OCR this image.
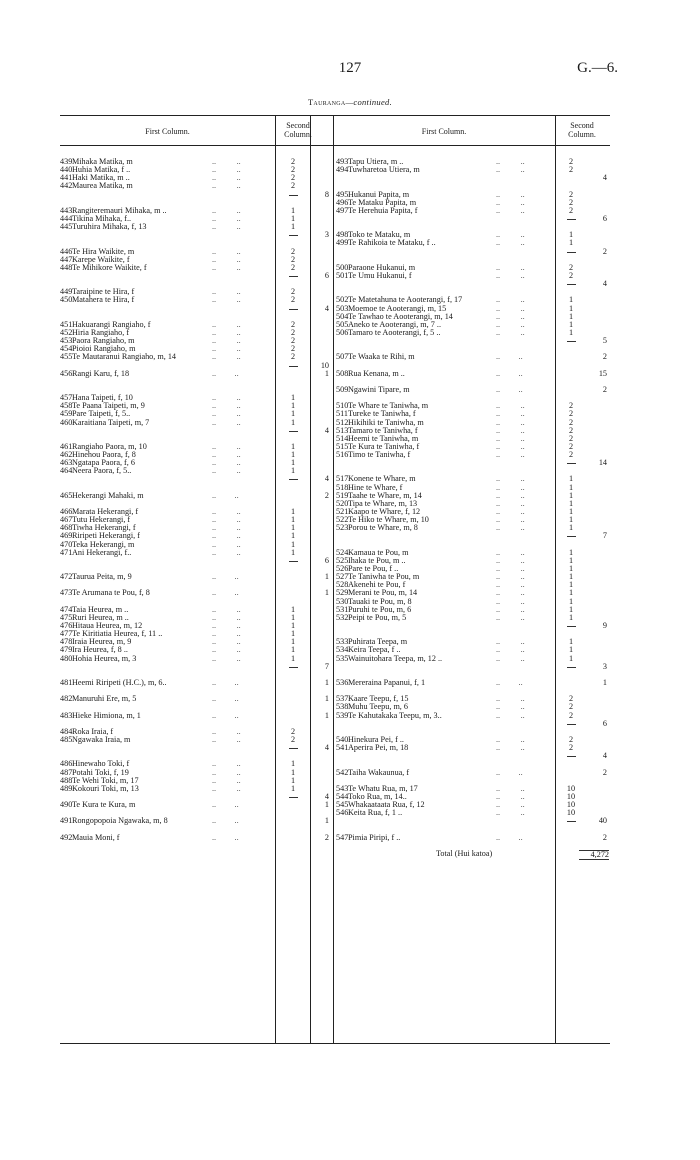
127	G.—6.
Tauranga—continued.
First Column.
Second Column.	First Column.
Second Column.
439 Mihaka Matika, m	..          ..	2
440 Huhia Matika, f ..	..          ..	2
441 Haki Matika, m ..	..          ..	2
442 Maurea Matika, m	..          ..	2
8
443 Rangiteremauri Mihaka, m ..	..          ..	1
444 Tikina Mihaka, f..	..          ..	1
445 Turuhira Mihaka, f, 13	..          ..	1
3
446 Te Hira Waikite, m	..          ..	2
447 Karepe Waikite, f	..          ..	2
448 Te Mihikore Waikite, f	..          ..	2
6
449 Taraipine te Hira, f	..          ..	2
450 Matahera te Hira, f	..          ..	2
4
451 Hakuarangi Rangiaho, f	..          ..	2
452 Hiria Rangiaho, f	..          ..	2
453 Paora Rangiaho, m	..          ..	2
454 Pioioi Rangiaho, m	..          ..	2
455 Te Mautaranui Rangiaho, m, 14	..          ..	2
10
456 Rangi Karu, f, 18	..         ..	1
457 Hana Taipeti, f, 10	..          ..	1
458 Te Paana Taipeti, m, 9	..          ..	1
459 Pare Taipeti, f, 5..	..          ..	1
460 Karaitiana Taipeti, m, 7	..          ..	1
4
461 Rangiaho Paora, m, 10	..          ..	1
462 Hinehou Paora, f, 8	..          ..	1
463 Ngatapa Paora, f, 6	..          ..	1
464 Neera Paora, f, 5..	..          ..	1
4
465 Hekerangi Mahaki, m	..         ..	2
466 Marata Hekerangi, f	..          ..	1
467 Tutu Hekerangi, f	..          ..	1
468 Tiwha Hekerangi, f	..          ..	1
469 Riripeti Hekerangi, f	..          ..	1
470 Teka Hekerangi, m	..          ..	1
471 Ani Hekerangi, f..	..          ..	1
6
472 Taurua Peita, m, 9	..         ..	1
473 Te Arumana te Pou, f, 8	..         ..	1
474 Taia Heurea, m ..	..          ..	1
475 Ruri Heurea, m ..	..          ..	1
476 Hitaua Heurea, m, 12	..          ..	1
477 Te Kiritiatia Heurea, f, 11 ..	..          ..	1
478 Iraia Heurea, m, 9	..          ..	1
479 Ira Heurea, f, 8 ..	..          ..	1
480 Hohia Heurea, m, 3	..          ..	1
7
481 Heemi Riripeti (H.C.), m, 6..	..         ..	1
482 Manuruhi Ere, m, 5	..         ..	1
483 Hieke Himiona, m, 1	..         ..	1
484 Roka Iraia, f	..          ..	2
485 Ngawaka Iraia, m	..          ..	2
4
486 Hinewaho Toki, f	..          ..	1
487 Potahi Toki, f, 19	..          ..	1
488 Te Wehi Toki, m, 17	..          ..	1
489 Kokouri Toki, m, 13	..          ..	1
4
490 Te Kura te Kura, m	..         ..	1
491 Rongopopoia Ngawaka, m, 8	..         ..	1
492 Mauia Moni, f	..         ..	2
493 Tapu Utiera, m ..	..          ..	2
494 Tuwharetoa Utiera, m	..          ..	2
4
495 Hukanui Papita, m	..          ..	2
496 Te Mataku Papita, m	..          ..	2
497 Te Herehuia Papita, f	..          ..	2
6
498 Toko te Mataku, m	..          ..	1
499 Te Rahikoia te Mataku, f ..	..          ..	1
2
500 Paraone Hukanui, m	..          ..	2
501 Te Umu Hukanui, f	..          ..	2
4
502 Te Matetahuna te Aooterangi, f, 17	..          ..	1
503 Moemoe te Aooterangi, m, 15	..          ..	1
504 Te Tawhao te Aooterangi, m, 14	..          ..	1
505 Aneko te Aooterangi, m, 7 ..	..          ..	1
506 Tamaro te Aooterangi, f, 5 ..	..          ..	1
5
507 Te Waaka te Rihi, m	..         ..	2
508 Rua Kenana, m ..	..         ..	15
509 Ngawini Tipare, m	..         ..	2
510 Te Whare te Taniwha, m	..          ..	2
511 Tureke te Taniwha, f	..          ..	2
512 Hikihiki te Taniwha, m	..          ..	2
513 Tamaro te Taniwha, f	..          ..	2
514 Heemi te Taniwha, m	..          ..	2
515 Te Kura te Taniwha, f	..          ..	2
516 Timo te Taniwha, f	..          ..	2
14
517 Konene te Whare, m	..          ..	1
518 Hine te Whare, f	..          ..	1
519 Taahe te Whare, m, 14	..          ..	1
520 Tipa te Whare, m, 13	..          ..	1
521 Kaapo te Whare, f, 12	..          ..	1
522 Te Hiko te Whare, m, 10	..          ..	1
523 Porou te Whare, m, 8	..          ..	1
7
524 Kamaua te Pou, m	..          ..	1
525 Ihaka te Pou, m ..	..          ..	1
526 Pare te Pou, f ..	..          ..	1
527 Te Taniwha te Pou, m	..          ..	1
528 Akenehi te Pou, f	..          ..	1
529 Merani te Pou, m, 14	..          ..	1
530 Tauaki te Pou, m, 8	..          ..	1
531 Puruhi te Pou, m, 6	..          ..	1
532 Peipi te Pou, m, 5	..          ..	1
9
533 Puhirata Teepa, m	..          ..	1
534 Keira Teepa, f ..	..          ..	1
535 Wainuitohara Teepa, m, 12 ..	..          ..	1
3
536 Mereraina Papanui, f, 1	..         ..	1
537 Kaare Teepu, f, 15	..          ..	2
538 Muhu Teepu, m, 6	..          ..	2
539 Te Kahutakaka Teepu, m, 3..	..          ..	2
6
540 Hinekura Pei, f ..	..          ..	2
541 Aperira Pei, m, 18	..          ..	2
4
542 Taiha Wakaunua, f	..         ..	2
543 Te Whatu Rua, m, 17	..          ..	10
544 Toko Rua, m, 14..	..          ..	10
545 Whakaataata Rua, f, 12	..          ..	10
546 Keita Rua, f, 1 ..	..          ..	10
40
547 Pimia Piripi, f ..	..         ..	2
Total (Hui katoa)	4,272
